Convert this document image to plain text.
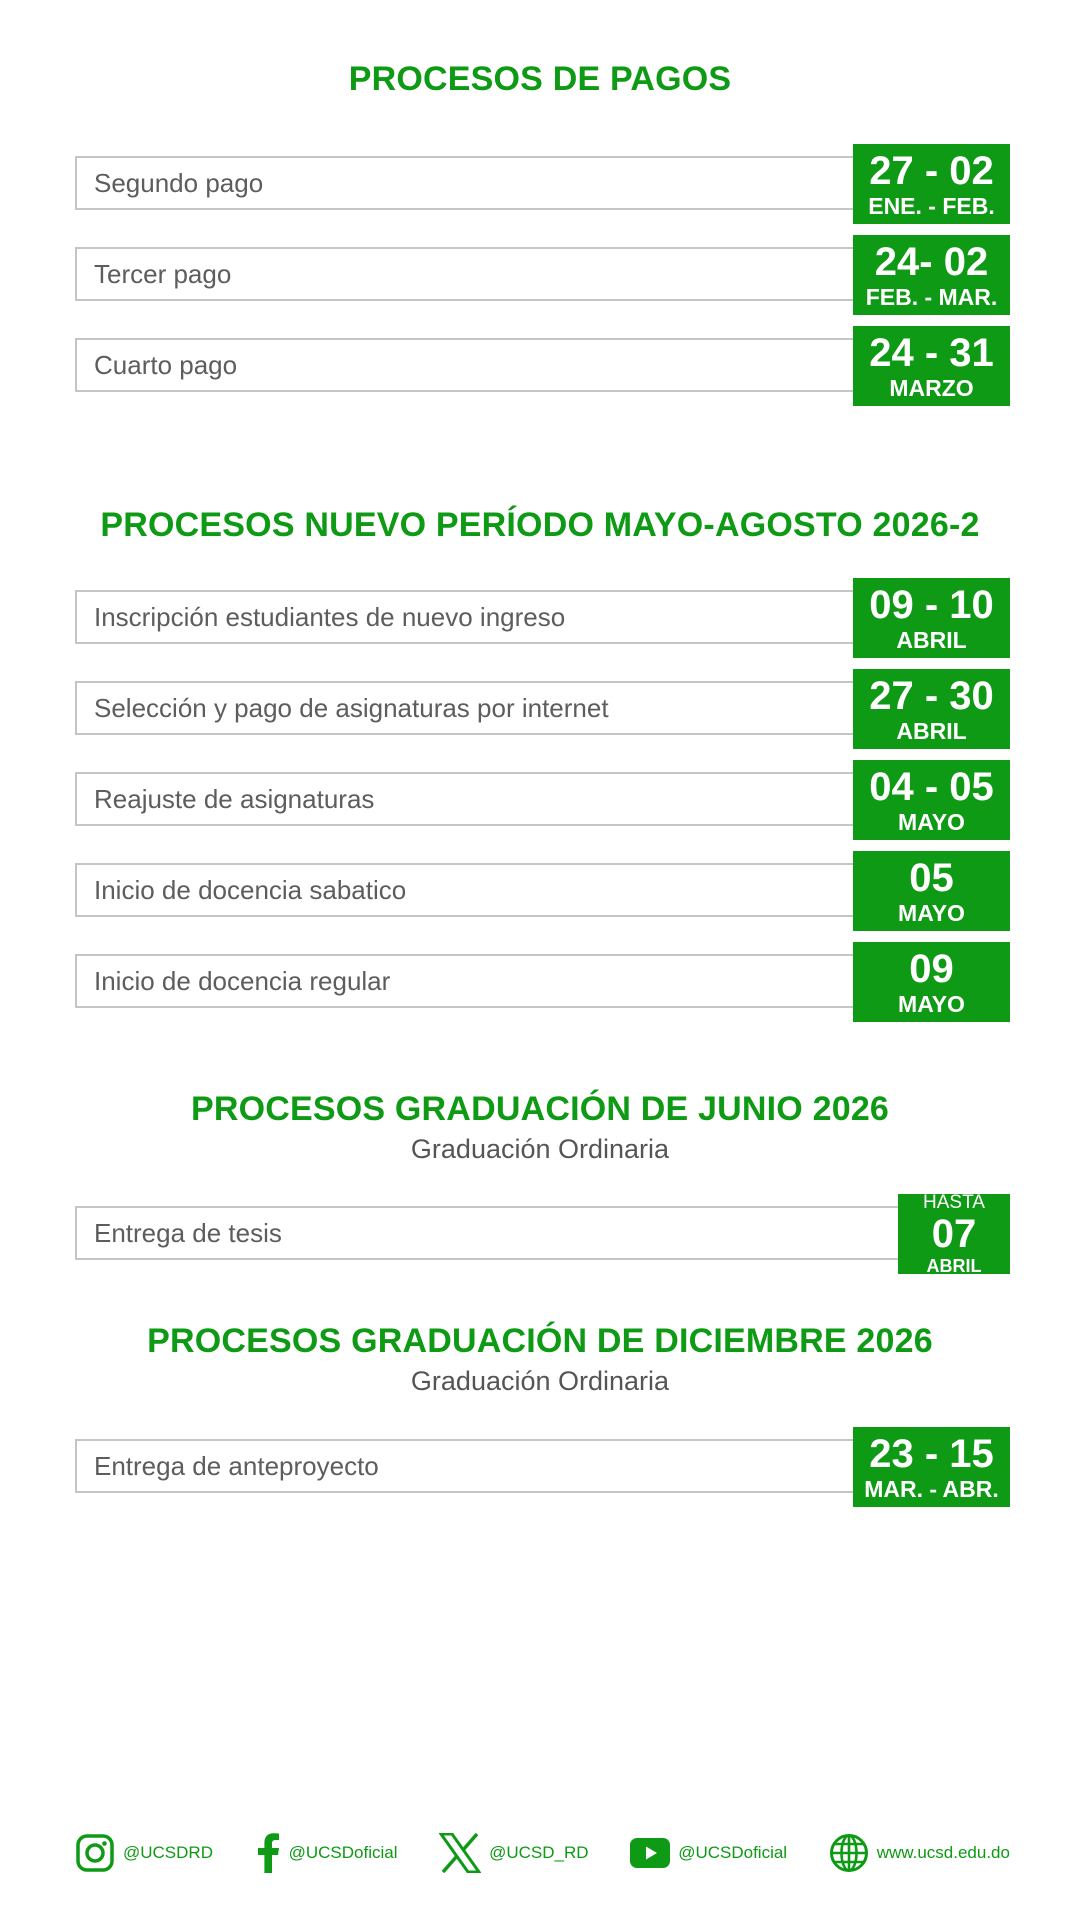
PROCESOS DE PAGOS
Segundo pago	27 - 02
ENE. - FEB.
Tercer pago	24- 02
FEB. - MAR.
Cuarto pago	24 - 31
MARZO
PROCESOS NUEVO PERÍODO MAYO-AGOSTO 2026-2
Inscripción estudiantes de nuevo ingreso	09 - 10
ABRIL
Selección y pago de asignaturas por internet	27 - 30
ABRIL
Reajuste de asignaturas	04 - 05
MAYO
Inicio de docencia sabatico	05
MAYO
Inicio de docencia regular	09
MAYO
PROCESOS GRADUACIÓN DE JUNIO 2026

Graduación Ordinaria

Entrega de tesis
HASTA
07
ABRIL
PROCESOS GRADUACIÓN DE DICIEMBRE 2026

Graduación Ordinaria

Entrega de anteproyecto	23 - 15
MAR. - ABR.
@UCSDRD	@UCSDoficial	@UCSD_RD	@UCSDoficial	www.ucsd.edu.do
